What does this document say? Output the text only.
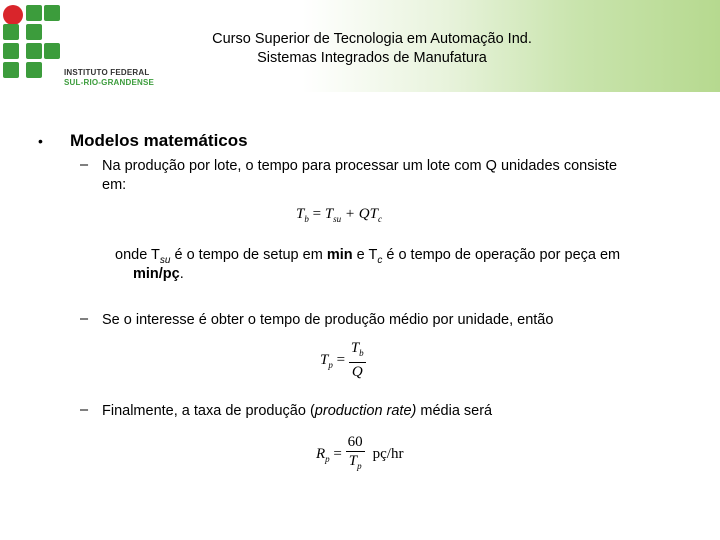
INSTITUTO FEDERAL
SUL-RIO-GRANDENSE
Curso Superior de Tecnologia em Automação Ind.
Sistemas Integrados de Manufatura
• Modelos matemáticos
– Na produção por lote, o tempo para processar um lote com Q unidades consiste
em:
$T_b = T_{su} + QT_c$
onde $T_{su}$ é o tempo de setup em min e $T_c$ é o tempo de operação por peça em
min/pç.
– Se o interesse é obter o tempo de produção médio por unidade, então
$T_p = \frac{T_b}{Q}$
– Finalmente, a taxa de produção (production rate) média será
$R_p = \frac{60}{T_p}$ pç/hr
